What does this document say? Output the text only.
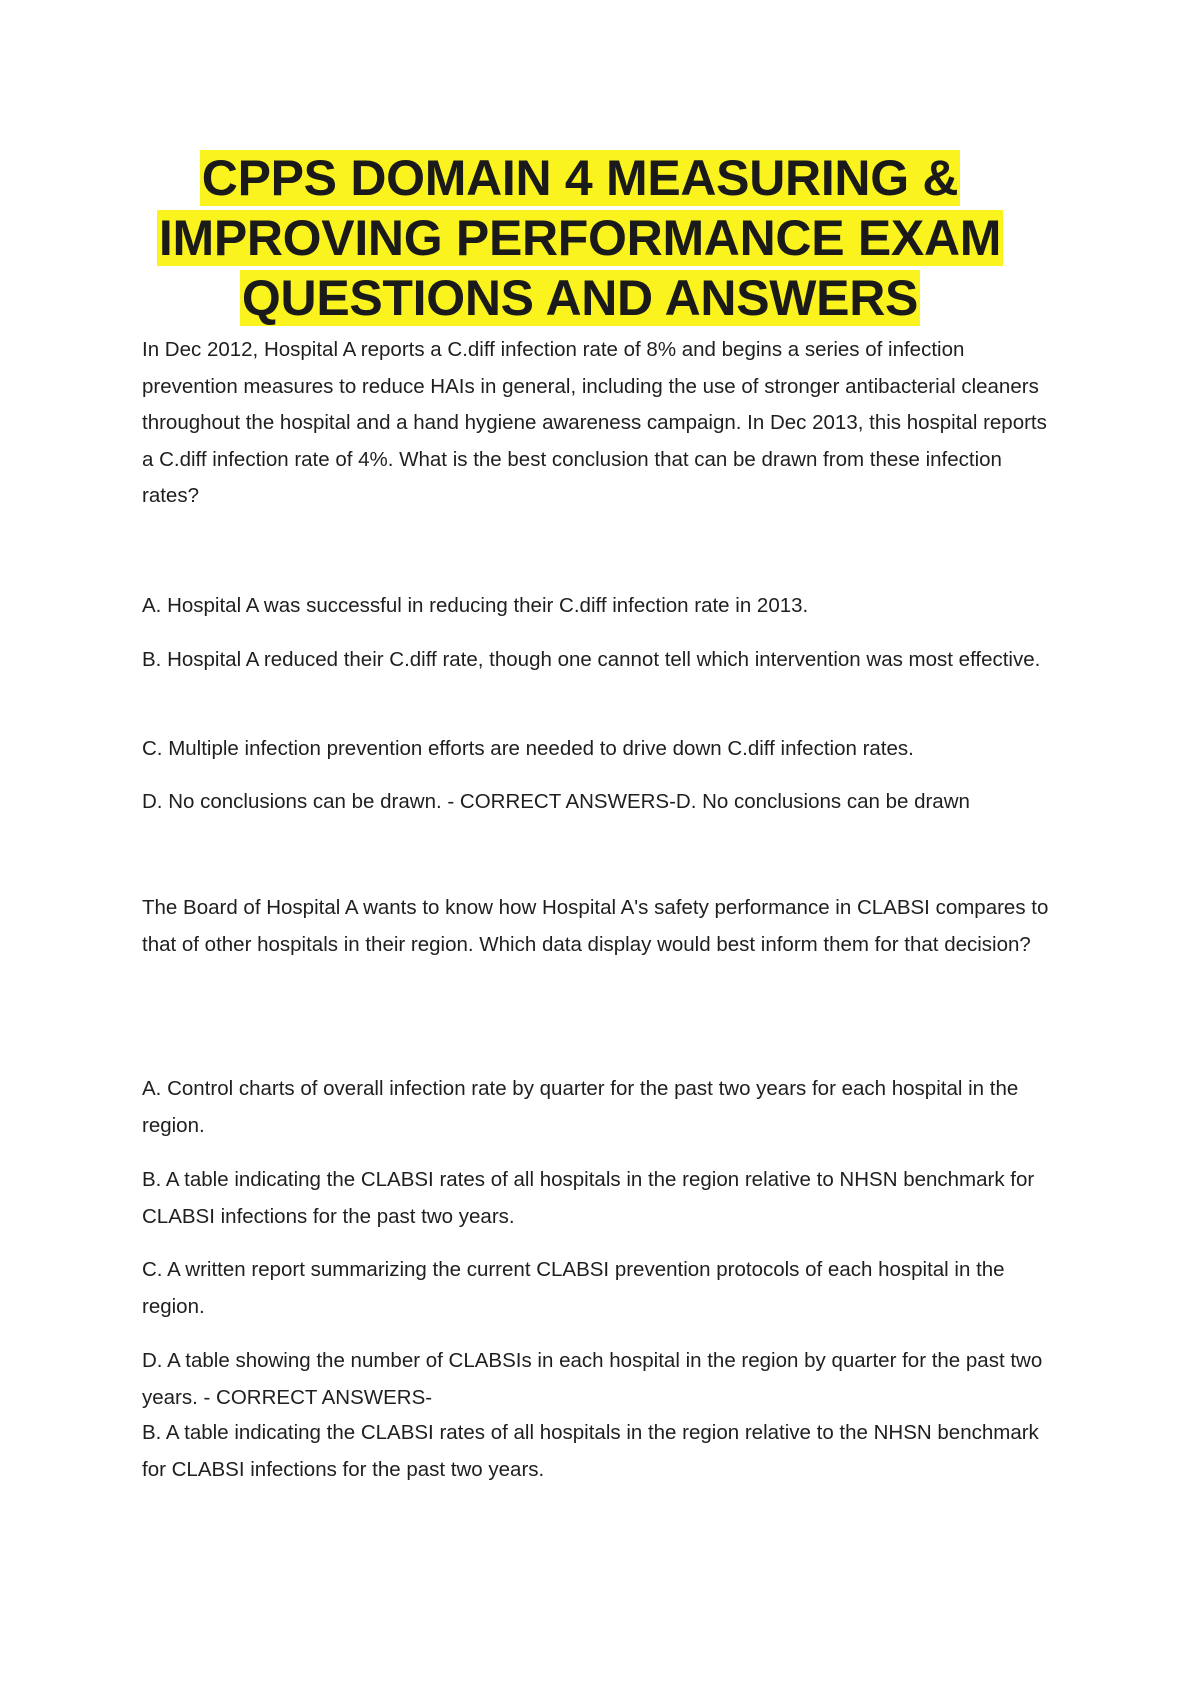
CPPS DOMAIN 4 MEASURING &
IMPROVING PERFORMANCE EXAM
QUESTIONS AND ANSWERS
In Dec 2012, Hospital A reports a C.diff infection rate of 8% and begins a series of infection prevention measures to reduce HAIs in general, including the use of stronger antibacterial cleaners throughout the hospital and a hand hygiene awareness campaign. In Dec 2013, this hospital reports a C.diff infection rate of 4%. What is the best conclusion that can be drawn from these infection rates?
A. Hospital A was successful in reducing their C.diff infection rate in 2013.
B. Hospital A reduced their C.diff rate, though one cannot tell which intervention was most effective.
C. Multiple infection prevention efforts are needed to drive down C.diff infection rates.
D. No conclusions can be drawn. - CORRECT ANSWERS-D. No conclusions can be drawn
The Board of Hospital A wants to know how Hospital A's safety performance in CLABSI compares to that of other hospitals in their region. Which data display would best inform them for that decision?
A. Control charts of overall infection rate by quarter for the past two years for each hospital in the region.
B. A table indicating the CLABSI rates of all hospitals in the region relative to NHSN benchmark for CLABSI infections for the past two years.
C. A written report summarizing the current CLABSI prevention protocols of each hospital in the region.
D. A table showing the number of CLABSIs in each hospital in the region by quarter for the past two years. - CORRECT ANSWERS-
B. A table indicating the CLABSI rates of all hospitals in the region relative to the NHSN benchmark for CLABSI infections for the past two years.
